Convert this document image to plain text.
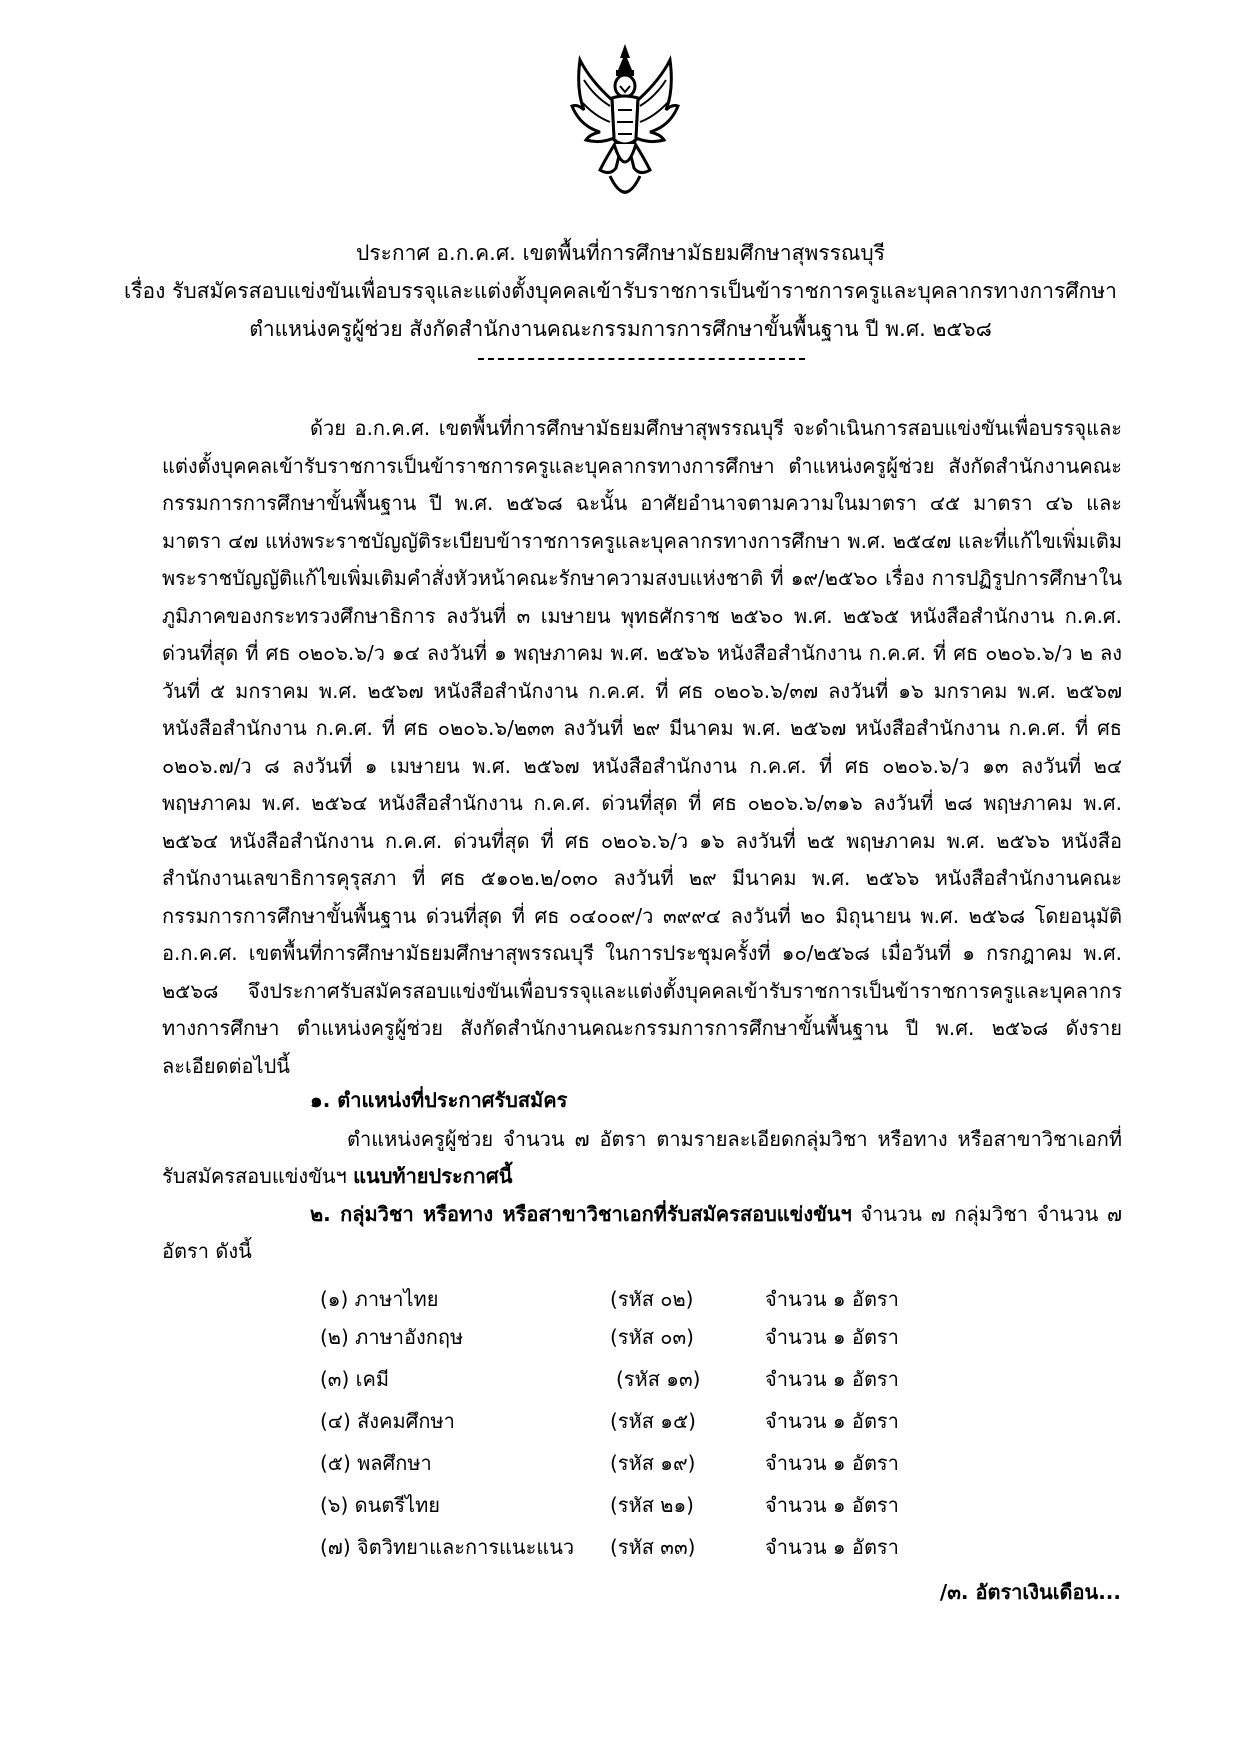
ประกาศ อ.ก.ค.ศ. เขตพื้นที่การศึกษามัธยมศึกษาสุพรรณบุรี
เรื่อง รับสมัครสอบแข่งขันเพื่อบรรจุและแต่งตั้งบุคคลเข้ารับราชการเป็นข้าราชการครูและบุคลากรทางการศึกษา
ตำแหน่งครูผู้ช่วย สังกัดสำนักงานคณะกรรมการการศึกษาขั้นพื้นฐาน ปี พ.ศ. ๒๕๖๘

ด้วย อ.ก.ค.ศ. เขตพื้นที่การศึกษามัธยมศึกษาสุพรรณบุรี จะดำเนินการสอบแข่งขันเพื่อบรรจุและแต่งตั้งบุคคลเข้ารับราชการเป็นข้าราชการครูและบุคลากรทางการศึกษา ตำแหน่งครูผู้ช่วย สังกัดสำนักงานคณะกรรมการการศึกษาขั้นพื้นฐาน ปี พ.ศ. ๒๕๖๘ ฉะนั้น อาศัยอำนาจตามความในมาตรา ๔๕ มาตรา ๔๖ และมาตรา ๔๗ แห่งพระราชบัญญัติระเบียบข้าราชการครูและบุคลากรทางการศึกษา พ.ศ. ๒๕๔๗ และที่แก้ไขเพิ่มเติม พระราชบัญญัติแก้ไขเพิ่มเติมคำสั่งหัวหน้าคณะรักษาความสงบแห่งชาติ ที่ ๑๙/๒๕๖๐ เรื่อง การปฏิรูปการศึกษาในภูมิภาคของกระทรวงศึกษาธิการ ลงวันที่ ๓ เมษายน พุทธศักราช ๒๕๖๐ พ.ศ. ๒๕๖๕ หนังสือสำนักงาน ก.ค.ศ. ด่วนที่สุด ที่ ศธ ๐๒๐๖.๖/ว ๑๔ ลงวันที่ ๑ พฤษภาคม พ.ศ. ๒๕๖๖ หนังสือสำนักงาน ก.ค.ศ. ที่ ศธ ๐๒๐๖.๖/ว ๒ ลงวันที่ ๕ มกราคม พ.ศ. ๒๕๖๗ หนังสือสำนักงาน ก.ค.ศ. ที่ ศธ ๐๒๐๖.๖/๓๗ ลงวันที่ ๑๖ มกราคม พ.ศ. ๒๕๖๗ หนังสือสำนักงาน ก.ค.ศ. ที่ ศธ ๐๒๐๖.๖/๒๓๓ ลงวันที่ ๒๙ มีนาคม พ.ศ. ๒๕๖๗ หนังสือสำนักงาน ก.ค.ศ. ที่ ศธ ๐๒๐๖.๗/ว ๘ ลงวันที่ ๑ เมษายน พ.ศ. ๒๕๖๗ หนังสือสำนักงาน ก.ค.ศ. ที่ ศธ ๐๒๐๖.๖/ว ๑๓ ลงวันที่ ๒๔ พฤษภาคม พ.ศ. ๒๕๖๔ หนังสือสำนักงาน ก.ค.ศ. ด่วนที่สุด ที่ ศธ ๐๒๐๖.๖/๓๑๖ ลงวันที่ ๒๘ พฤษภาคม พ.ศ. ๒๕๖๔ หนังสือสำนักงาน ก.ค.ศ. ด่วนที่สุด ที่ ศธ ๐๒๐๖.๖/ว ๑๖ ลงวันที่ ๒๕ พฤษภาคม พ.ศ. ๒๕๖๖ หนังสือสำนักงานเลขาธิการคุรุสภา ที่ ศธ ๕๑๐๒.๒/๐๓๐ ลงวันที่ ๒๙ มีนาคม พ.ศ. ๒๕๖๖ หนังสือสำนักงานคณะกรรมการการศึกษาขั้นพื้นฐาน ด่วนที่สุด ที่ ศธ ๐๔๐๐๙/ว ๓๙๙๔ ลงวันที่ ๒๐ มิถุนายน พ.ศ. ๒๕๖๘ โดยอนุมัติ อ.ก.ค.ศ. เขตพื้นที่การศึกษามัธยมศึกษาสุพรรณบุรี ในการประชุมครั้งที่ ๑๐/๒๕๖๘ เมื่อวันที่ ๑ กรกฎาคม พ.ศ. ๒๕๖๘ จึงประกาศรับสมัครสอบแข่งขันเพื่อบรรจุและแต่งตั้งบุคคลเข้ารับราชการเป็นข้าราชการครูและบุคลากรทางการศึกษา ตำแหน่งครูผู้ช่วย สังกัดสำนักงานคณะกรรมการการศึกษาขั้นพื้นฐาน ปี พ.ศ. ๒๕๖๘ ดังรายละเอียดต่อไปนี้

๑. ตำแหน่งที่ประกาศรับสมัคร

ตำแหน่งครูผู้ช่วย จำนวน ๗ อัตรา ตามรายละเอียดกลุ่มวิชา หรือทาง หรือสาขาวิชาเอกที่รับสมัครสอบแข่งขันฯ แนบท้ายประกาศนี้

๒. กลุ่มวิชา หรือทาง หรือสาขาวิชาเอกที่รับสมัครสอบแข่งขันฯ จำนวน ๗ กลุ่มวิชา จำนวน ๗ อัตรา ดังนี้

(๑) ภาษาไทย	(รหัส ๐๒)	จำนวน ๑ อัตรา
(๒) ภาษาอังกฤษ	(รหัส ๐๓)	จำนวน ๑ อัตรา
(๓) เคมี	(รหัส ๑๓)	จำนวน ๑ อัตรา
(๔) สังคมศึกษา	(รหัส ๑๕)	จำนวน ๑ อัตรา
(๕) พลศึกษา	(รหัส ๑๙)	จำนวน ๑ อัตรา
(๖) ดนตรีไทย	(รหัส ๒๑)	จำนวน ๑ อัตรา
(๗) จิตวิทยาและการแนะแนว (รหัส ๓๓)	จำนวน ๑ อัตรา
/๓. อัตราเงินเดือน...
